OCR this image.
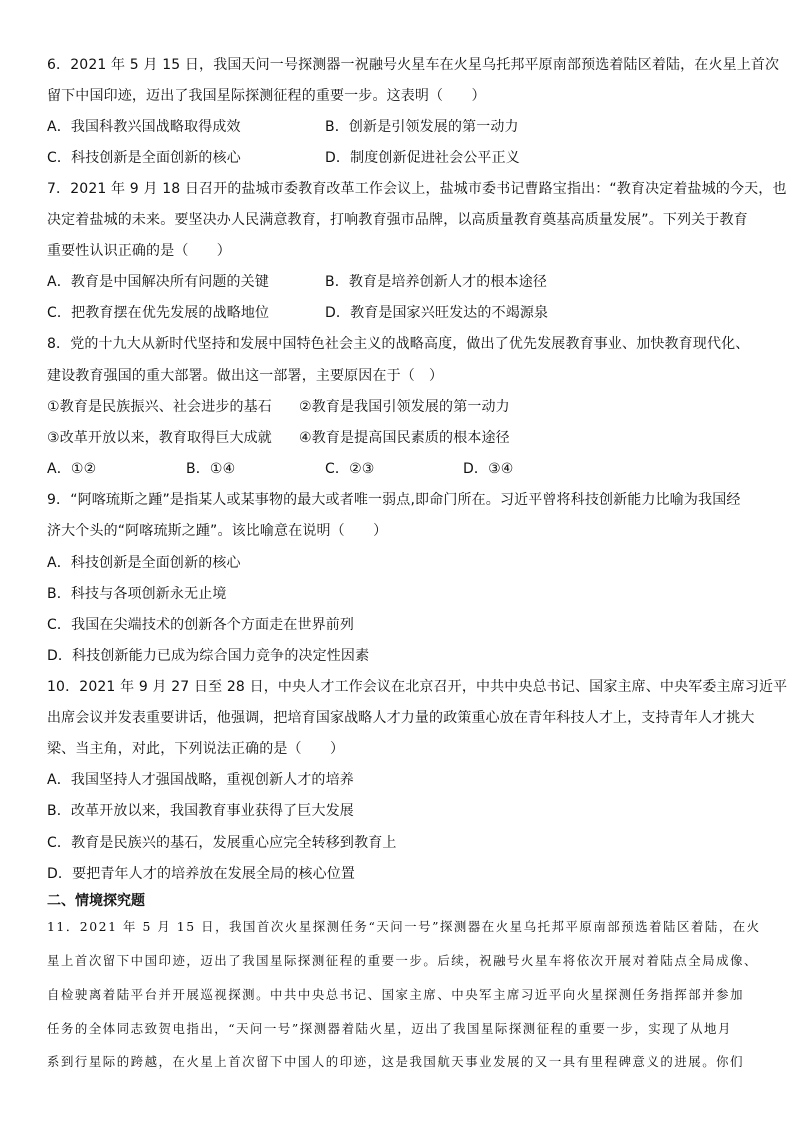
6．2021 年 5 月 15 日，我国天问一号探测器一祝融号火星车在火星乌托邦平原南部预选着陆区着陆，在火星上首次
留下中国印迹，迈出了我国星际探测征程的重要一步。这表明（　　）
A．我国科教兴国战略取得成效	B．创新是引领发展的第一动力
C．科技创新是全面创新的核心	D．制度创新促进社会公平正义
7．2021 年 9 月 18 日召开的盐城市委教育改革工作会议上，盐城市委书记曹路宝指出：“教育决定着盐城的今天，也
决定着盐城的未来。要坚决办人民满意教育，打响教育强市品牌，以高质量教育奠基高质量发展”。下列关于教育
重要性认识正确的是（　　）
A．教育是中国解决所有问题的关键	B．教育是培养创新人才的根本途径
C．把教育摆在优先发展的战略地位	D．教育是国家兴旺发达的不竭源泉
8．党的十九大从新时代坚持和发展中国特色社会主义的战略高度，做出了优先发展教育事业、加快教育现代化、
建设教育强国的重大部署。做出这一部署，主要原因在于（　）
①教育是民族振兴、社会进步的基石 ②教育是我国引领发展的第一动力
③改革开放以来，教育取得巨大成就 ④教育是提高国民素质的根本途径
A．①②	B．①④	C．②③	D．③④
9．“阿喀琉斯之踵”是指某人或某事物的最大或者唯一弱点,即命门所在。习近平曾将科技创新能力比喻为我国经
济大个头的“阿喀琉斯之踵”。该比喻意在说明（　　）
A．科技创新是全面创新的核心
B．科技与各项创新永无止境
C．我国在尖端技术的创新各个方面走在世界前列
D．科技创新能力已成为综合国力竞争的决定性因素
10．2021 年 9 月 27 日至 28 日，中央人才工作会议在北京召开，中共中央总书记、国家主席、中央军委主席习近平
出席会议并发表重要讲话，他强调，把培育国家战略人才力量的政策重心放在青年科技人才上，支持青年人才挑大
梁、当主角，对此，下列说法正确的是（　　）
A．我国坚持人才强国战略，重视创新人才的培养
B．改革开放以来，我国教育事业获得了巨大发展
C．教育是民族兴的基石，发展重心应完全转移到教育上
D．要把青年人才的培养放在发展全局的核心位置
二、情境探究题
11．2021 年 5 月 15 日，我国首次火星探测任务“天问一号”探测器在火星乌托邦平原南部预选着陆区着陆，在火
星上首次留下中国印迹，迈出了我国星际探测征程的重要一步。后续，祝融号火星车将依次开展对着陆点全局成像、
自检驶离着陆平台并开展巡视探测。中共中央总书记、国家主席、中央军主席习近平向火星探测任务指挥部并参加
任务的全体同志致贺电指出，“天问一号”探测器着陆火星，迈出了我国星际探测征程的重要一步，实现了从地月
系到行星际的跨越，在火星上首次留下中国人的印迹，这是我国航天事业发展的又一具有里程碑意义的进展。你们
